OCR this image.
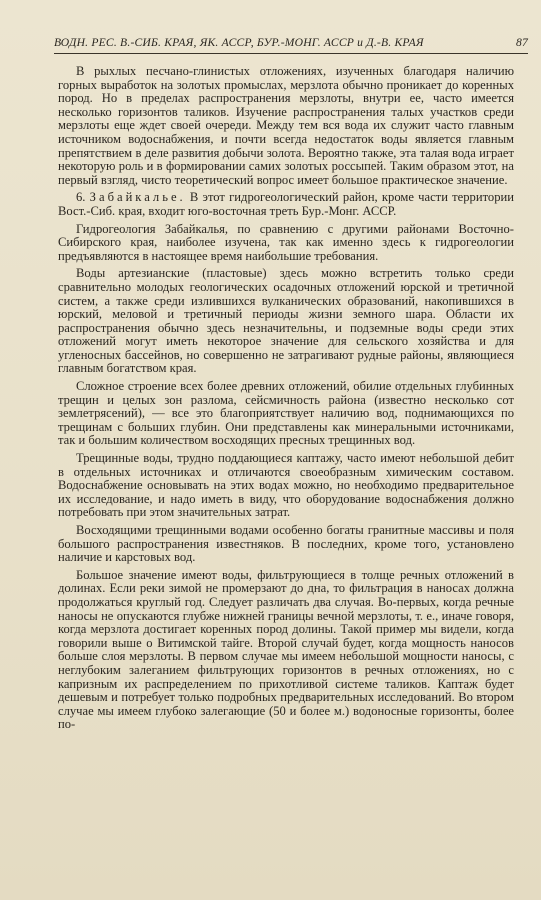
ВОДН. РЕС. В.-СИБ. КРАЯ, ЯК. АССР, БУР.-МОНГ. АССР и Д.-В. КРАЯ	87

В рыхлых песчано-глинистых отложениях, изученных благодаря наличию горных выработок на золотых промыслах, мерзлота обычно проникает до коренных пород. Но в пределах распространения мерзлоты, внутри ее, часто имеется несколько горизонтов таликов. Изучение распространения талых участков среди мерзлоты еще ждет своей очереди. Между тем вся вода их служит часто главным источником водоснабжения, и почти всегда недостаток воды является главным препятствием в деле развития добычи золота. Вероятно также, эта талая вода играет некоторую роль и в формировании самих золотых россыпей. Таким образом этот, на первый взгляд, чисто теоретический вопрос имеет большое практическое значение.

6. Забайкалье. В этот гидрогеологический район, кроме части территории Вост.-Сиб. края, входит юго-восточная треть Бур.-Монг. АССР.

Гидрогеология Забайкалья, по сравнению с другими районами Восточно-Сибирского края, наиболее изучена, так как именно здесь к гидрогеологии предъявляются в настоящее время наибольшие требования.

Воды артезианские (пластовые) здесь можно встретить только среди сравнительно молодых геологических осадочных отложений юрской и третичной систем, а также среди излившихся вулканических образований, накопившихся в юрский, меловой и третичный периоды жизни земного шара. Области их распространения обычно здесь незначительны, и подземные воды среди этих отложений могут иметь некоторое значение для сельского хозяйства и для угленосных бассейнов, но совершенно не затрагивают рудные районы, являющиеся главным богатством края.

Сложное строение всех более древних отложений, обилие отдельных глубинных трещин и целых зон разлома, сейсмичность района (известно несколько сот землетрясений), — все это благоприятствует наличию вод, поднимающихся по трещинам с больших глубин. Они представлены как минеральными источниками, так и большим количеством восходящих пресных трещинных вод.

Трещинные воды, трудно поддающиеся каптажу, часто имеют небольшой дебит в отдельных источниках и отличаются своеобразным химическим составом. Водоснабжение основывать на этих водах можно, но необходимо предварительное их исследование, и надо иметь в виду, что оборудование водоснабжения должно потребовать при этом значительных затрат.

Восходящими трещинными водами особенно богаты гранитные массивы и поля большого распространения известняков. В последних, кроме того, установлено наличие и карстовых вод.

Большое значение имеют воды, фильтрующиеся в толще речных отложений в долинах. Если реки зимой не промерзают до дна, то фильтрация в наносах должна продолжаться круглый год. Следует различать два случая. Во-первых, когда речные наносы не опускаются глубже нижней границы вечной мерзлоты, т. е., иначе говоря, когда мерзлота достигает коренных пород долины. Такой пример мы видели, когда говорили выше о Витимской тайге. Второй случай будет, когда мощность наносов больше слоя мерзлоты. В первом случае мы имеем небольшой мощности наносы, с неглубоким залеганием фильтрующих горизонтов в речных отложениях, но с капризным их распределением по прихотливой системе таликов. Каптаж будет дешевым и потребует только подробных предварительных исследований. Во втором случае мы имеем глубоко залегающие (50 и более м.) водоносные горизонты, более по-
